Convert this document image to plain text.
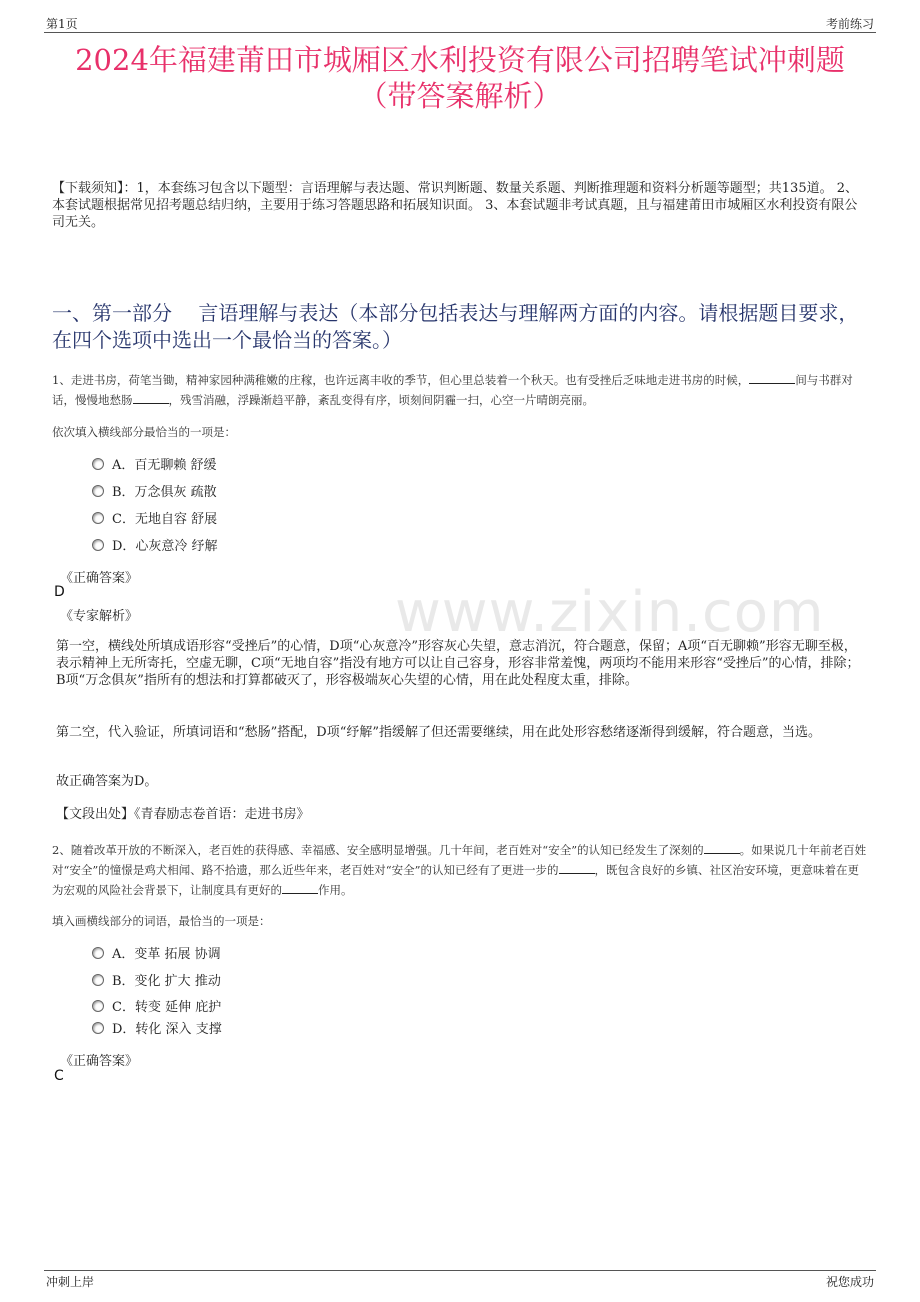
第1页	考前练习
2024年福建莆田市城厢区水利投资有限公司招聘笔试冲刺题
（带答案解析）
【下载须知】：1，本套练习包含以下题型：言语理解与表达题、常识判断题、数量关系题、判断推理题和资料分析题等题型；共135道。 2、本套试题根据常见招考题总结归纳，主要用于练习答题思路和拓展知识面。 3、本套试题非考试真题，且与福建莆田市城厢区水利投资有限公司无关。
一、第一部分　 言语理解与表达（本部分包括表达与理解两方面的内容。请根据题目要求，在四个选项中选出一个最恰当的答案。）
www.zixin.com
1、走进书房，荷笔当锄，精神家园种满稚嫩的庄稼，也许远离丰收的季节，但心里总装着一个秋天。也有受挫后乏味地走进书房的时候，	间与书群对话，慢慢地愁肠	，残雪消融，浮躁渐趋平静，紊乱变得有序，顷刻间阴霾一扫，心空一片晴朗亮丽。
依次填入横线部分最恰当的一项是：
A．百无聊赖 舒缓
B．万念俱灰 疏散
C．无地自容 舒展
D．心灰意冷 纾解
《正确答案》
D
《专家解析》
第一空，横线处所填成语形容“受挫后”的心情，D项“心灰意冷”形容灰心失望，意志消沉，符合题意，保留；A项“百无聊赖”形容无聊至极，表示精神上无所寄托，空虚无聊，C项“无地自容”指没有地方可以让自己容身，形容非常羞愧，两项均不能用来形容“受挫后”的心情，排除；B项“万念俱灰”指所有的想法和打算都破灭了，形容极端灰心失望的心情，用在此处程度太重，排除。
第二空，代入验证，所填词语和“愁肠”搭配，D项“纾解”指缓解了但还需要继续，用在此处形容愁绪逐渐得到缓解，符合题意，当选。
故正确答案为D。
【文段出处】《青春励志卷首语：走进书房》
2、随着改革开放的不断深入，老百姓的获得感、幸福感、安全感明显增强。几十年间，老百姓对“安全”的认知已经发生了深刻的	。如果说几十年前老百姓对“安全”的憧憬是鸡犬相闻、路不拾遗，那么近些年来，老百姓对“安全”的认知已经有了更进一步的	，既包含良好的乡镇、社区治安环境，更意味着在更为宏观的风险社会背景下，让制度具有更好的	作用。
填入画横线部分的词语，最恰当的一项是：
A．变革 拓展 协调
B．变化 扩大 推动
C．转变 延伸 庇护
D．转化 深入 支撑
《正确答案》
C
冲刺上岸	祝您成功
